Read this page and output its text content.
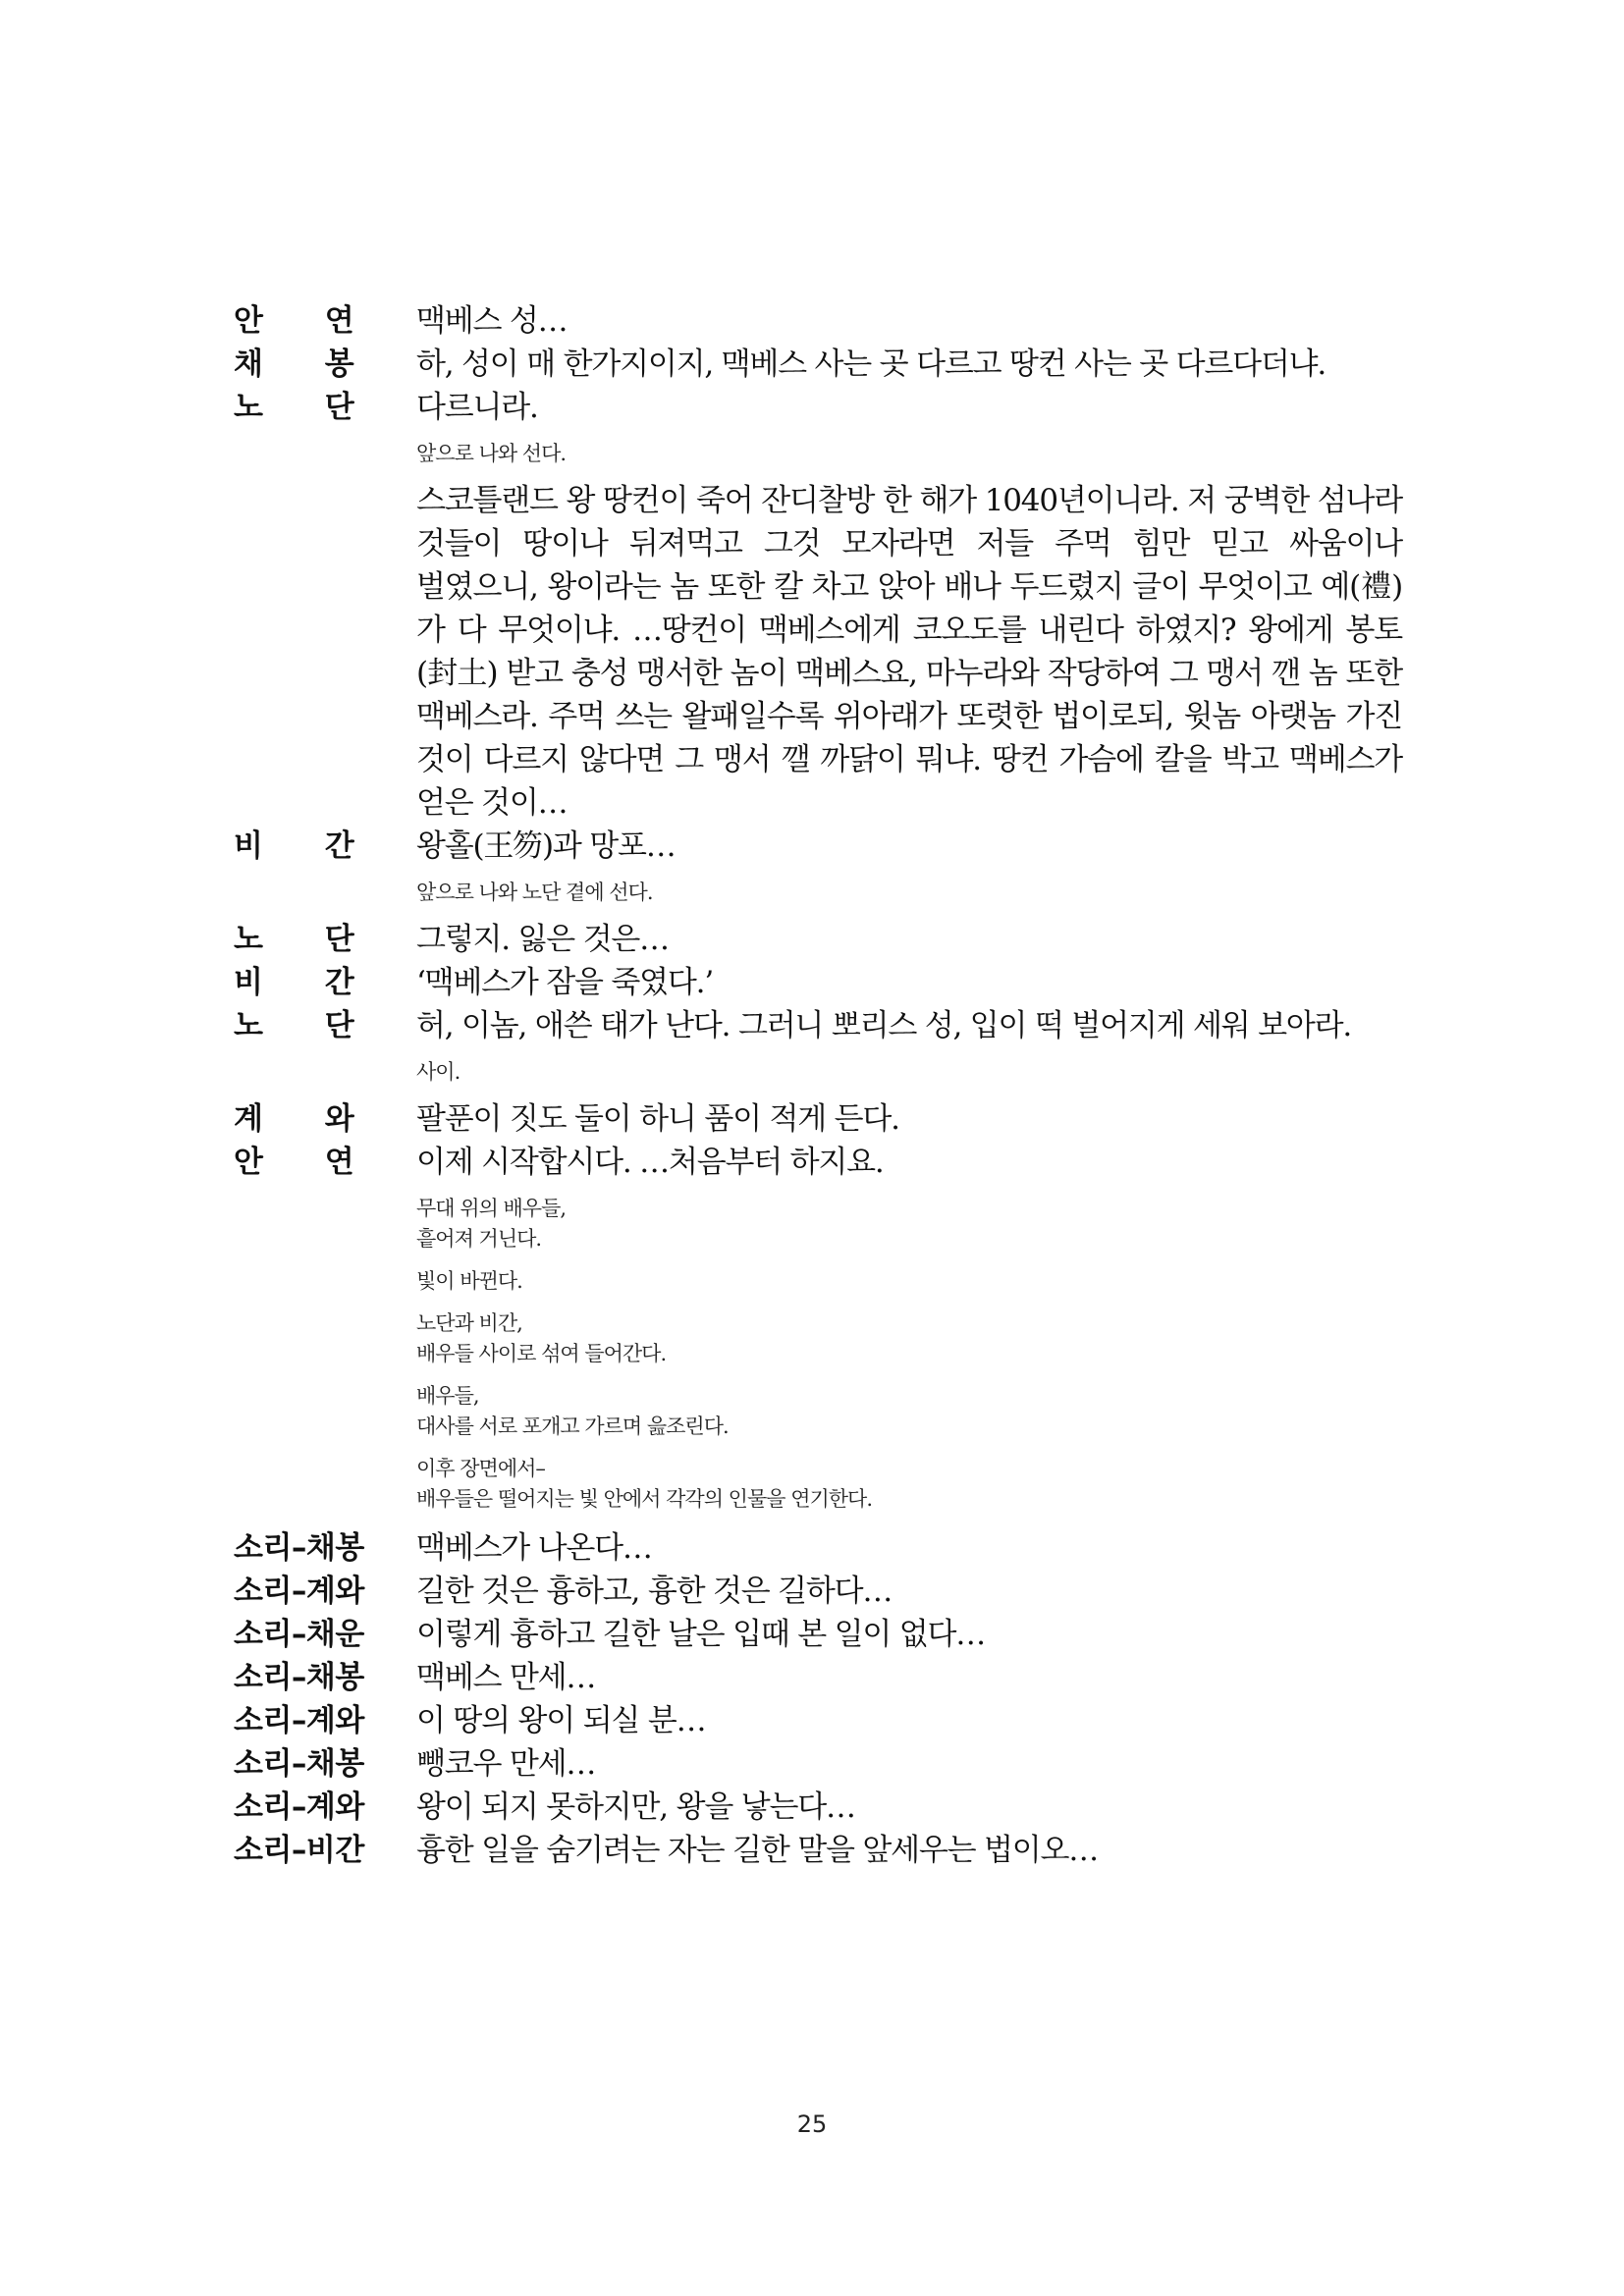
안 연	맥베스 성…
채 봉	하, 성이 매 한가지이지, 맥베스 사는 곳 다르고 땅컨 사는 곳 다르다더냐.
노 단	다르니라.
앞으로 나와 선다.
스코틀랜드 왕 땅컨이 죽어 잔디찰방 한 해가 1040년이니라. 저 궁벽한 섬나라 것들이 땅이나 뒤져먹고 그것 모자라면 저들 주먹 힘만 믿고 싸움이나 벌였으니, 왕이라는 놈 또한 칼 차고 앉아 배나 두드렸지 글이 무엇이고 예(禮)가 다 무엇이냐. …땅컨이 맥베스에게 코오도를 내린다 하였지? 왕에게 봉토(封土) 받고 충성 맹서한 놈이 맥베스요, 마누라와 작당하여 그 맹서 깬 놈 또한 맥베스라. 주먹 쓰는 왈패일수록 위아래가 또렷한 법이로되, 윗놈 아랫놈 가진 것이 다르지 않다면 그 맹서 깰 까닭이 뭐냐. 땅컨 가슴에 칼을 박고 맥베스가 얻은 것이…
비 간	왕홀(王笏)과 망포…
앞으로 나와 노단 곁에 선다.
노 단	그렇지. 잃은 것은…
비 간	‘맥베스가 잠을 죽였다.’
노 단	허, 이놈, 애쓴 태가 난다. 그러니 뽀리스 성, 입이 떡 벌어지게 세워 보아라.
사이.
계 와	팔푼이 짓도 둘이 하니 품이 적게 든다.
안 연	이제 시작합시다. …처음부터 하지요.
무대 위의 배우들,
흩어져 거닌다.
빛이 바뀐다.
노단과 비간,
배우들 사이로 섞여 들어간다.
배우들,
대사를 서로 포개고 가르며 읊조린다.
이후 장면에서–
배우들은 떨어지는 빛 안에서 각각의 인물을 연기한다.
소리–채봉	맥베스가 나온다…
소리–계와	길한 것은 흉하고, 흉한 것은 길하다…
소리–채운	이렇게 흉하고 길한 날은 입때 본 일이 없다…
소리–채봉	맥베스 만세…
소리–계와	이 땅의 왕이 되실 분…
소리–채봉	뺑코우 만세…
소리–계와	왕이 되지 못하지만, 왕을 낳는다…
소리–비간	흉한 일을 숨기려는 자는 길한 말을 앞세우는 법이오…
25
